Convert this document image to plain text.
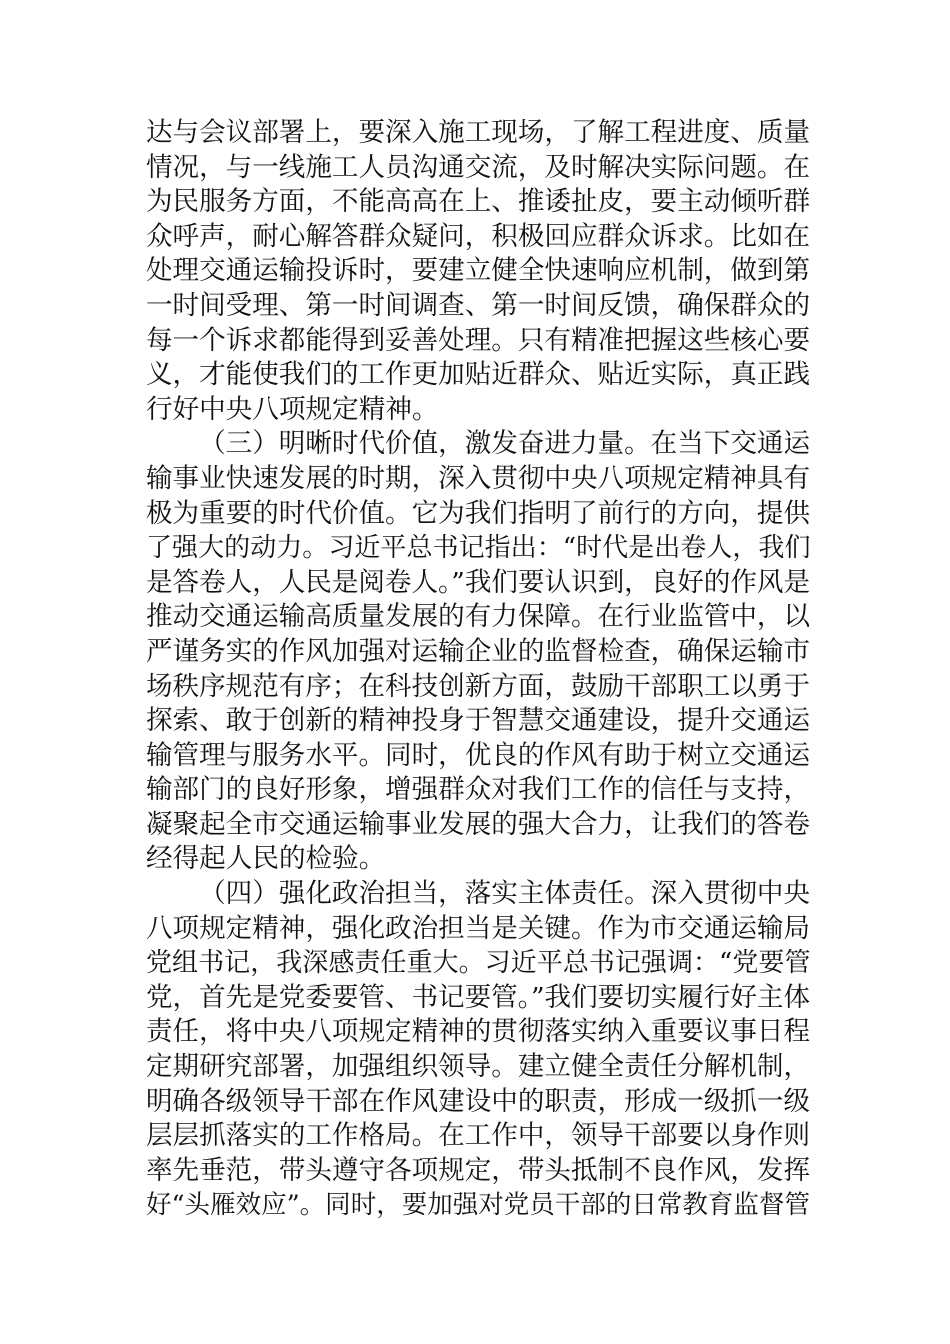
达与会议部署上，要深入施工现场，了解工程进度、质量
情况，与一线施工人员沟通交流，及时解决实际问题。在
为民服务方面，不能高高在上、推诿扯皮，要主动倾听群
众呼声，耐心解答群众疑问，积极回应群众诉求。比如在
处理交通运输投诉时，要建立健全快速响应机制，做到第
一时间受理、第一时间调查、第一时间反馈，确保群众的
每一个诉求都能得到妥善处理。只有精准把握这些核心要
义，才能使我们的工作更加贴近群众、贴近实际，真正践
行好中央八项规定精神。
（三）明晰时代价值，激发奋进力量。在当下交通运
输事业快速发展的时期，深入贯彻中央八项规定精神具有
极为重要的时代价值。它为我们指明了前行的方向，提供
了强大的动力。习近平总书记指出：“时代是出卷人，我们
是答卷人，人民是阅卷人。”我们要认识到，良好的作风是
推动交通运输高质量发展的有力保障。在行业监管中，以
严谨务实的作风加强对运输企业的监督检查，确保运输市
场秩序规范有序；在科技创新方面，鼓励干部职工以勇于
探索、敢于创新的精神投身于智慧交通建设，提升交通运
输管理与服务水平。同时，优良的作风有助于树立交通运
输部门的良好形象，增强群众对我们工作的信任与支持，
凝聚起全市交通运输事业发展的强大合力，让我们的答卷
经得起人民的检验。
（四）强化政治担当，落实主体责任。深入贯彻中央
八项规定精神，强化政治担当是关键。作为市交通运输局
党组书记，我深感责任重大。习近平总书记强调：“党要管
党，首先是党委要管、书记要管。”我们要切实履行好主体
责任，将中央八项规定精神的贯彻落实纳入重要议事日程
定期研究部署，加强组织领导。建立健全责任分解机制，
明确各级领导干部在作风建设中的职责，形成一级抓一级
层层抓落实的工作格局。在工作中，领导干部要以身作则
率先垂范，带头遵守各项规定，带头抵制不良作风，发挥
好“头雁效应”。同时，要加强对党员干部的日常教育监督管
